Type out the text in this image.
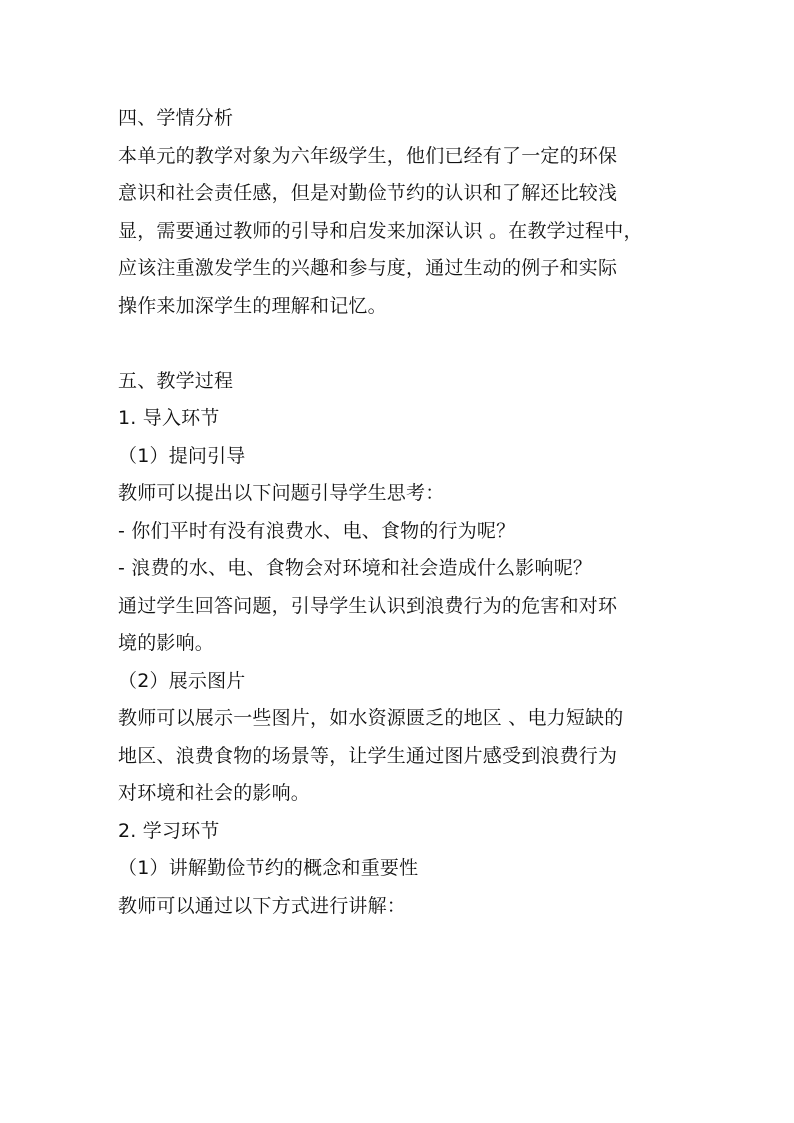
四、学情分析
本单元的教学对象为六年级学生，他们已经有了一定的环保
意识和社会责任感，但是对勤俭节约的认识和了解还比较浅
显，需要通过教师的引导和启发来加深认识 。在教学过程中，
应该注重激发学生的兴趣和参与度，通过生动的例子和实际
操作来加深学生的理解和记忆。
五、教学过程
1. 导入环节
（1）提问引导
教师可以提出以下问题引导学生思考：
- 你们平时有没有浪费水、电、食物的行为呢？
- 浪费的水、电、食物会对环境和社会造成什么影响呢？
通过学生回答问题，引导学生认识到浪费行为的危害和对环
境的影响。
（2）展示图片
教师可以展示一些图片，如水资源匮乏的地区 、电力短缺的
地区、浪费食物的场景等，让学生通过图片感受到浪费行为
对环境和社会的影响。
2. 学习环节
（1）讲解勤俭节约的概念和重要性
教师可以通过以下方式进行讲解：
